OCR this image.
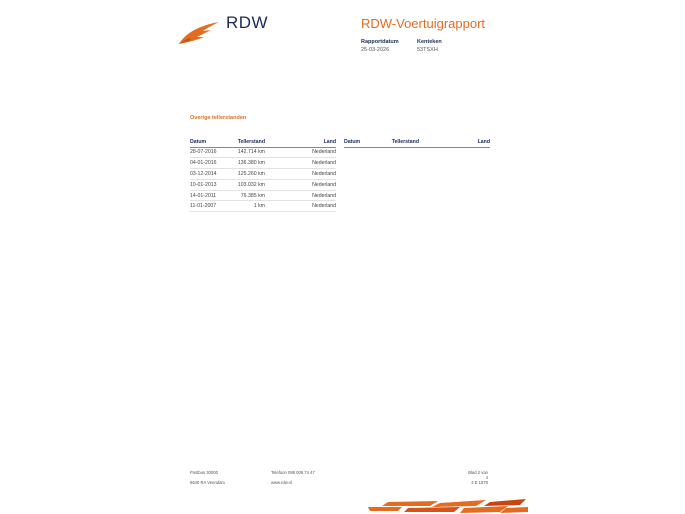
RDW	RDW-Voertuigrapport
Rapportdatum
25-03-2026
Kenteken
53TSXH
Overige tellerstanden
Datum	Tellerstand	Land
28-07-2016	142.714 km	Nederland
04-01-2016	136.380 km	Nederland
03-12-2014	125.260 km	Nederland
10-01-2013	103.032 km	Nederland
14-01-2011	76.385 km	Nederland
11-01-2007	1 km	Nederland
Datum	Tellerstand	Land
Postbus 30000	Telefoon 088 008 74 47	Blad 2 van 4
9640 RA Veendam	www.rdw.nl	3 E 1878
